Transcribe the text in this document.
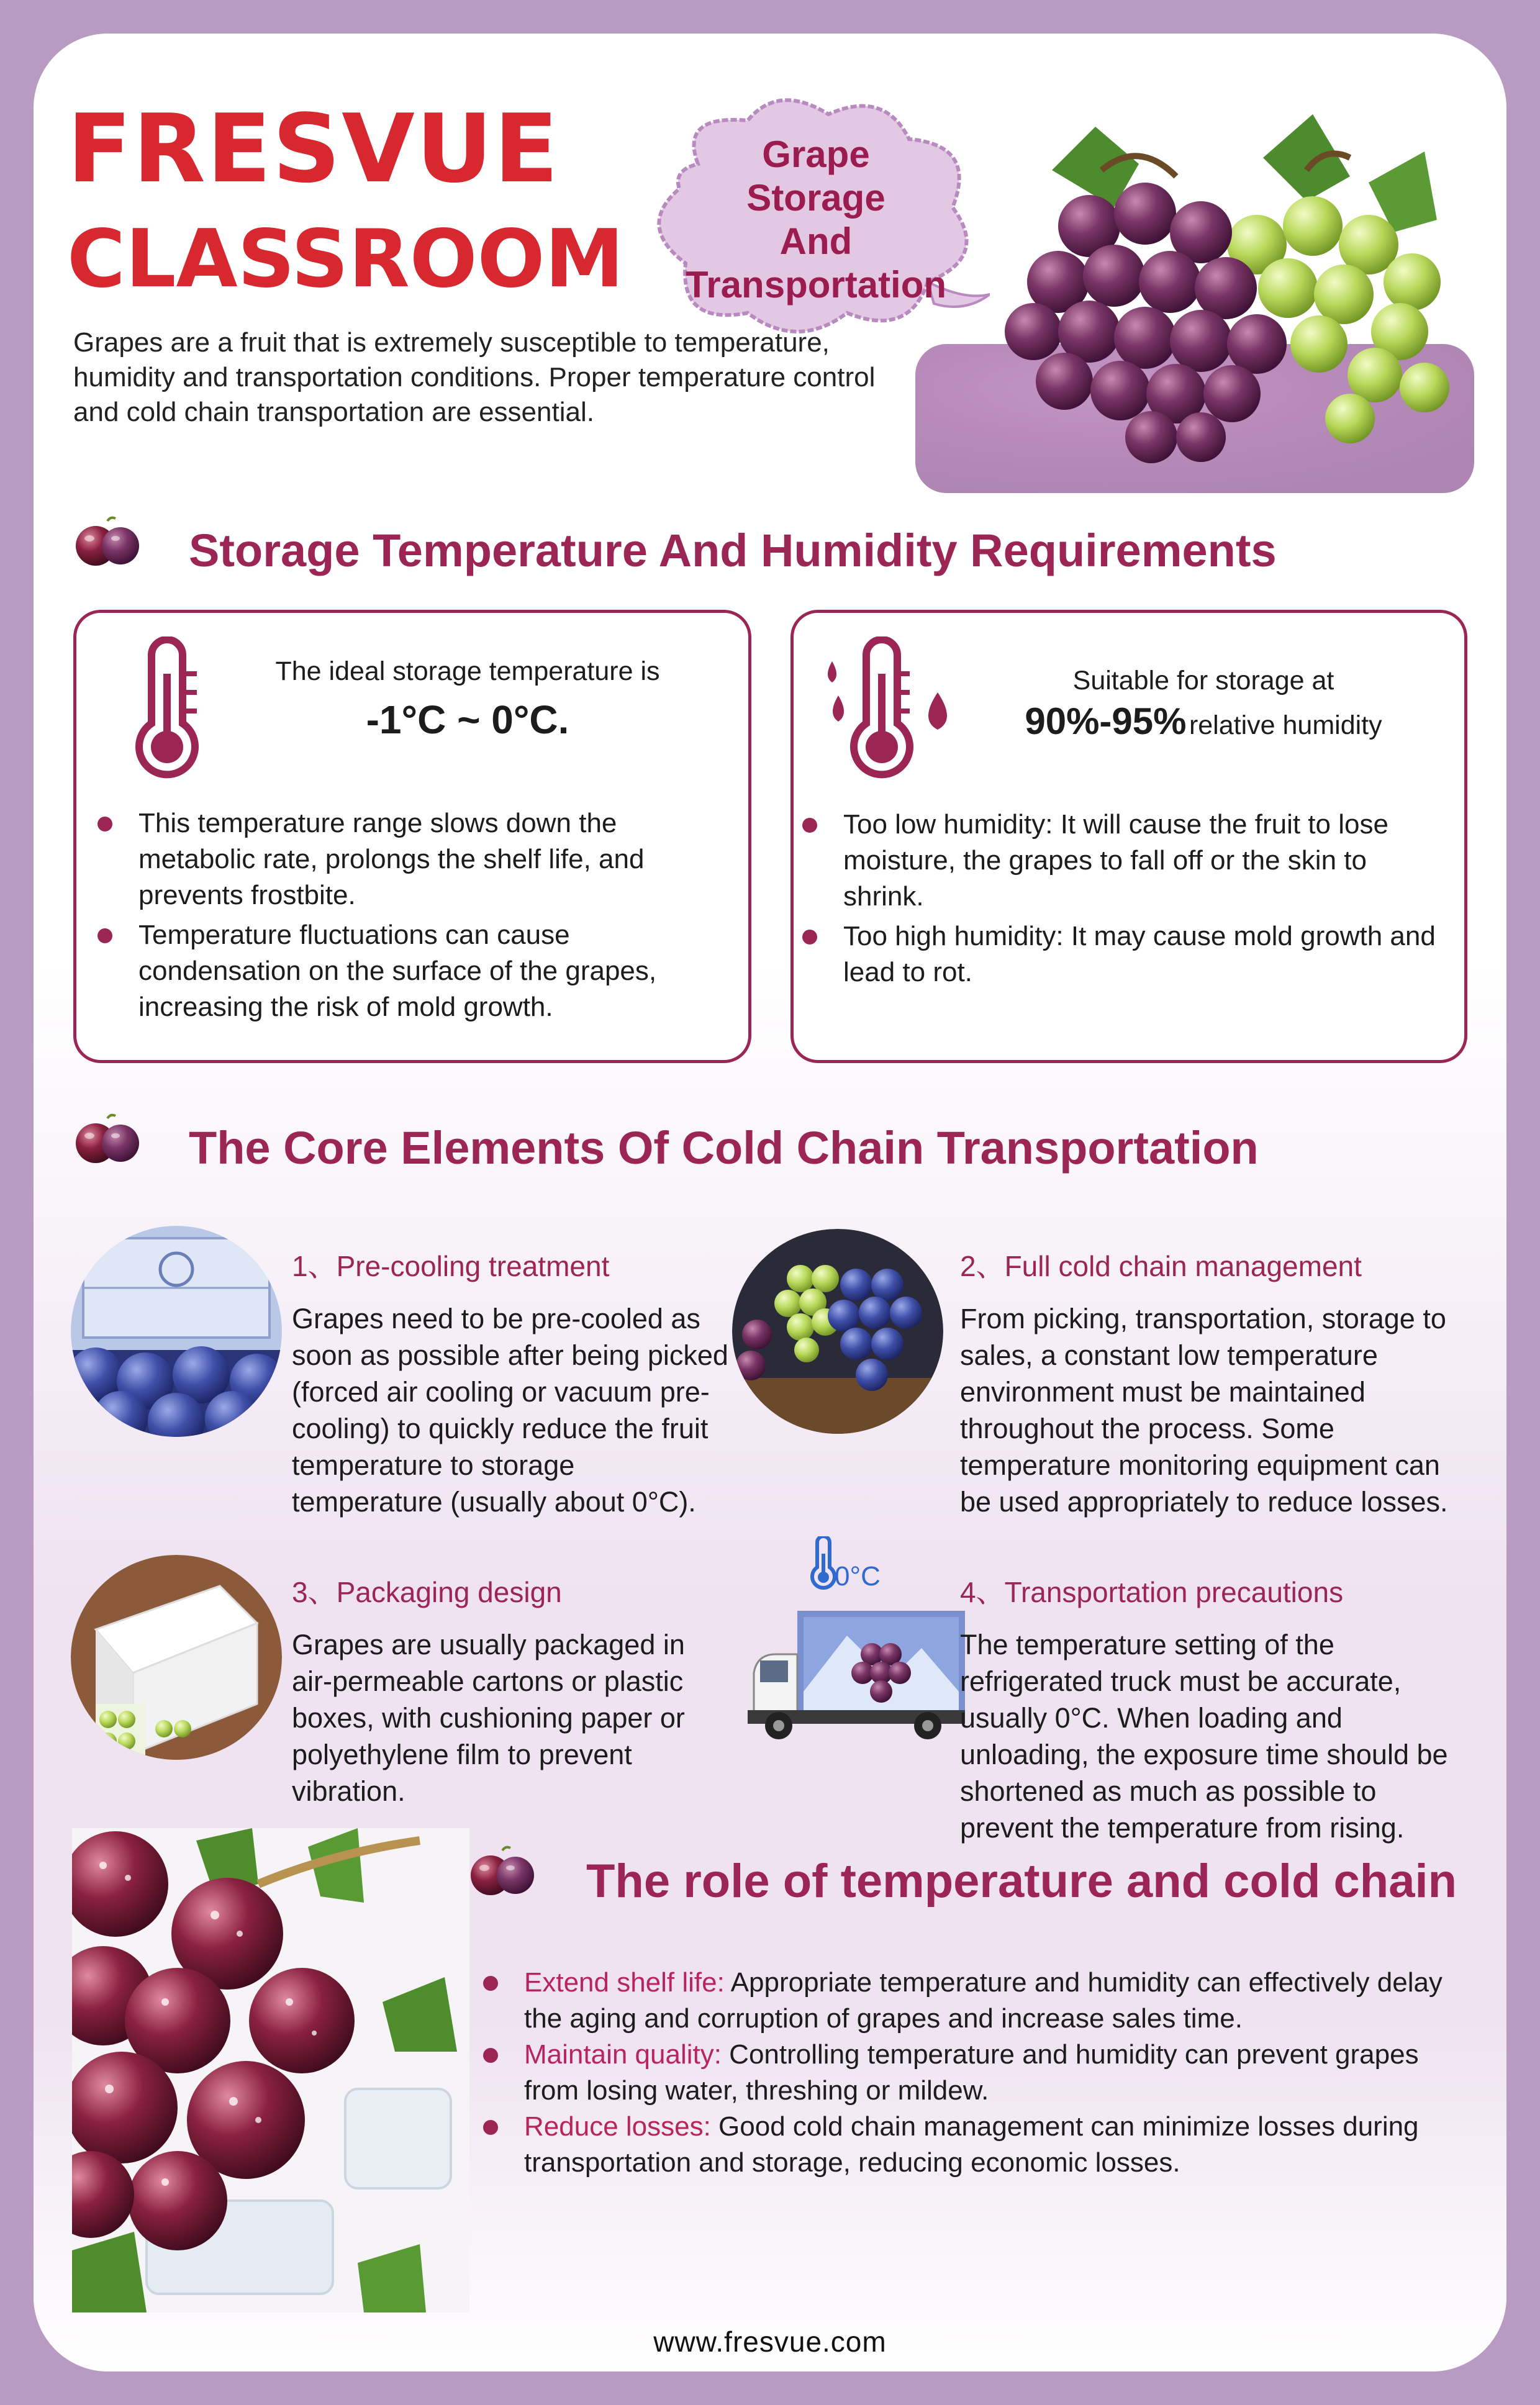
FRESVUE
CLASSROOM
Grape
Storage
And
Transportation
Grapes are a fruit that is extremely susceptible to temperature, humidity and transportation conditions. Proper temperature control and cold chain transportation are essential.
Storage Temperature And Humidity Requirements
The ideal storage temperature is
-1°C ~ 0°C.
This temperature range slows down the metabolic rate, prolongs the shelf life, and prevents frostbite.
Temperature fluctuations can cause condensation on the surface of the grapes, increasing the risk of mold growth.
Suitable for storage at
90%-95% relative humidity
Too low humidity: It will cause the fruit to lose moisture, the grapes to fall off or the skin to shrink.
Too high humidity: It may cause mold growth and lead to rot.
The Core Elements Of Cold Chain Transportation
1、Pre-cooling treatment
Grapes need to be pre-cooled as soon as possible after being picked (forced air cooling or vacuum pre-cooling) to quickly reduce the fruit temperature to storage temperature (usually about 0°C).
2、Full cold chain management
From picking, transportation, storage to sales, a constant low temperature environment must be maintained throughout the process. Some temperature monitoring equipment can be used appropriately to reduce losses.
3、Packaging design
Grapes are usually packaged in air-permeable cartons or plastic boxes, with cushioning paper or polyethylene film to prevent vibration.
0°C	4、Transportation precautions
The temperature setting of the refrigerated truck must be accurate, usually 0°C. When loading and unloading, the exposure time should be shortened as much as possible to prevent the temperature from rising.
The role of temperature and cold chain
Extend shelf life: Appropriate temperature and humidity can effectively delay the aging and corruption of grapes and increase sales time.
Maintain quality: Controlling temperature and humidity can prevent grapes from losing water, threshing or mildew.
Reduce losses: Good cold chain management can minimize losses during transportation and storage, reducing economic losses.
www.fresvue.com
